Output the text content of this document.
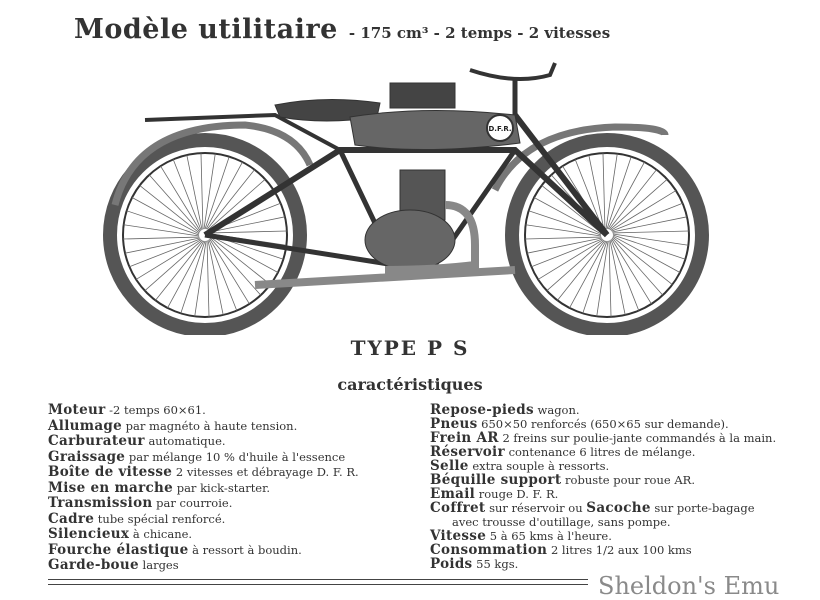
Modèle utilitaire - 175 cm³ - 2 temps - 2 vitesses
D.F.R.
TYPE P S
caractéristiques
Moteur -2 temps 60×61.
Allumage par magnéto à haute tension.
Carburateur automatique.
Graissage par mélange 10 % d'huile à l'essence
Boîte de vitesse 2 vitesses et débrayage D. F. R.
Mise en marche par kick-starter.
Transmission par courroie.
Cadre tube spécial renforcé.
Silencieux à chicane.
Fourche élastique à ressort à boudin.
Garde-boue larges
Repose-pieds wagon.
Pneus 650×50 renforcés (650×65 sur demande).
Frein AR 2 freins sur poulie-jante commandés à la main.
Réservoir contenance 6 litres de mélange.
Selle extra souple à ressorts.
Béquille support robuste pour roue AR.
Email rouge D. F. R.
Coffret sur réservoir ou Sacoche sur porte-bagage
avec trousse d'outillage, sans pompe.
Vitesse 5 à 65 kms à l'heure.
Consommation 2 litres 1/2 aux 100 kms
Poids 55 kgs.
Sheldon's Emu
